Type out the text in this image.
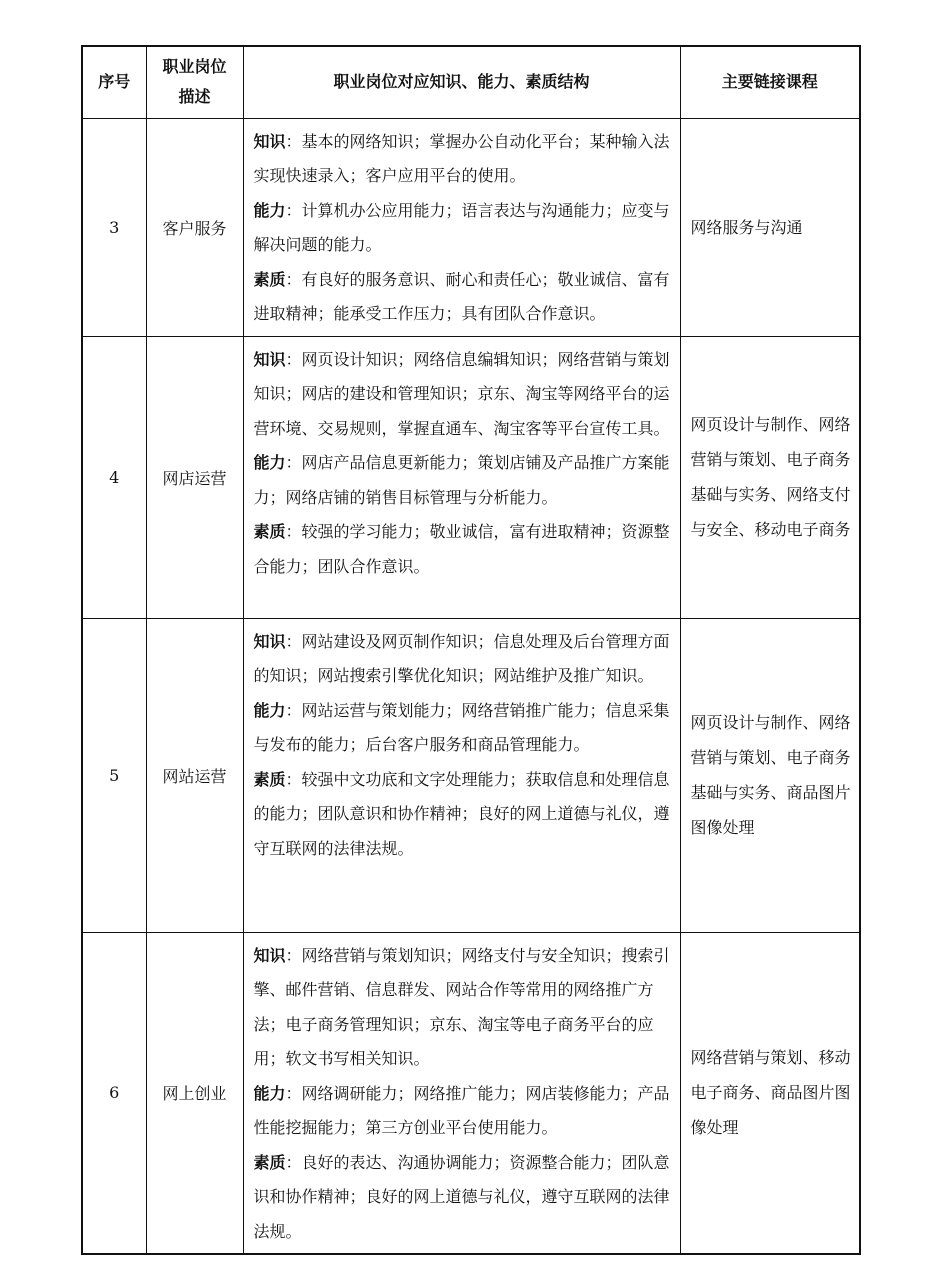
序号	职业岗位描述	职业岗位对应知识、能力、素质结构	主要链接课程
3	客户服务	知识：基本的网络知识；掌握办公自动化平台；某种输入法实现快速录入；客户应用平台的使用。
能力：计算机办公应用能力；语言表达与沟通能力；应变与解决问题的能力。
素质：有良好的服务意识、耐心和责任心；敬业诚信、富有进取精神；能承受工作压力；具有团队合作意识。	网络服务与沟通
4	网店运营	知识：网页设计知识；网络信息编辑知识；网络营销与策划知识；网店的建设和管理知识；京东、淘宝等网络平台的运营环境、交易规则，掌握直通车、淘宝客等平台宣传工具。
能力：网店产品信息更新能力；策划店铺及产品推广方案能力；网络店铺的销售目标管理与分析能力。
素质：较强的学习能力；敬业诚信，富有进取精神；资源整合能力；团队合作意识。	网页设计与制作、网络营销与策划、电子商务基础与实务、网络支付与安全、移动电子商务
5	网站运营	知识：网站建设及网页制作知识；信息处理及后台管理方面的知识；网站搜索引擎优化知识；网站维护及推广知识。
能力：网站运营与策划能力；网络营销推广能力；信息采集与发布的能力；后台客户服务和商品管理能力。
素质：较强中文功底和文字处理能力；获取信息和处理信息的能力；团队意识和协作精神；良好的网上道德与礼仪，遵守互联网的法律法规。	网页设计与制作、网络营销与策划、电子商务基础与实务、商品图片图像处理
6	网上创业	知识：网络营销与策划知识；网络支付与安全知识；搜索引擎、邮件营销、信息群发、网站合作等常用的网络推广方法；电子商务管理知识；京东、淘宝等电子商务平台的应用；软文书写相关知识。
能力：网络调研能力；网络推广能力；网店装修能力；产品性能挖掘能力；第三方创业平台使用能力。
素质：良好的表达、沟通协调能力；资源整合能力；团队意识和协作精神；良好的网上道德与礼仪，遵守互联网的法律法规。	网络营销与策划、移动电子商务、商品图片图像处理
